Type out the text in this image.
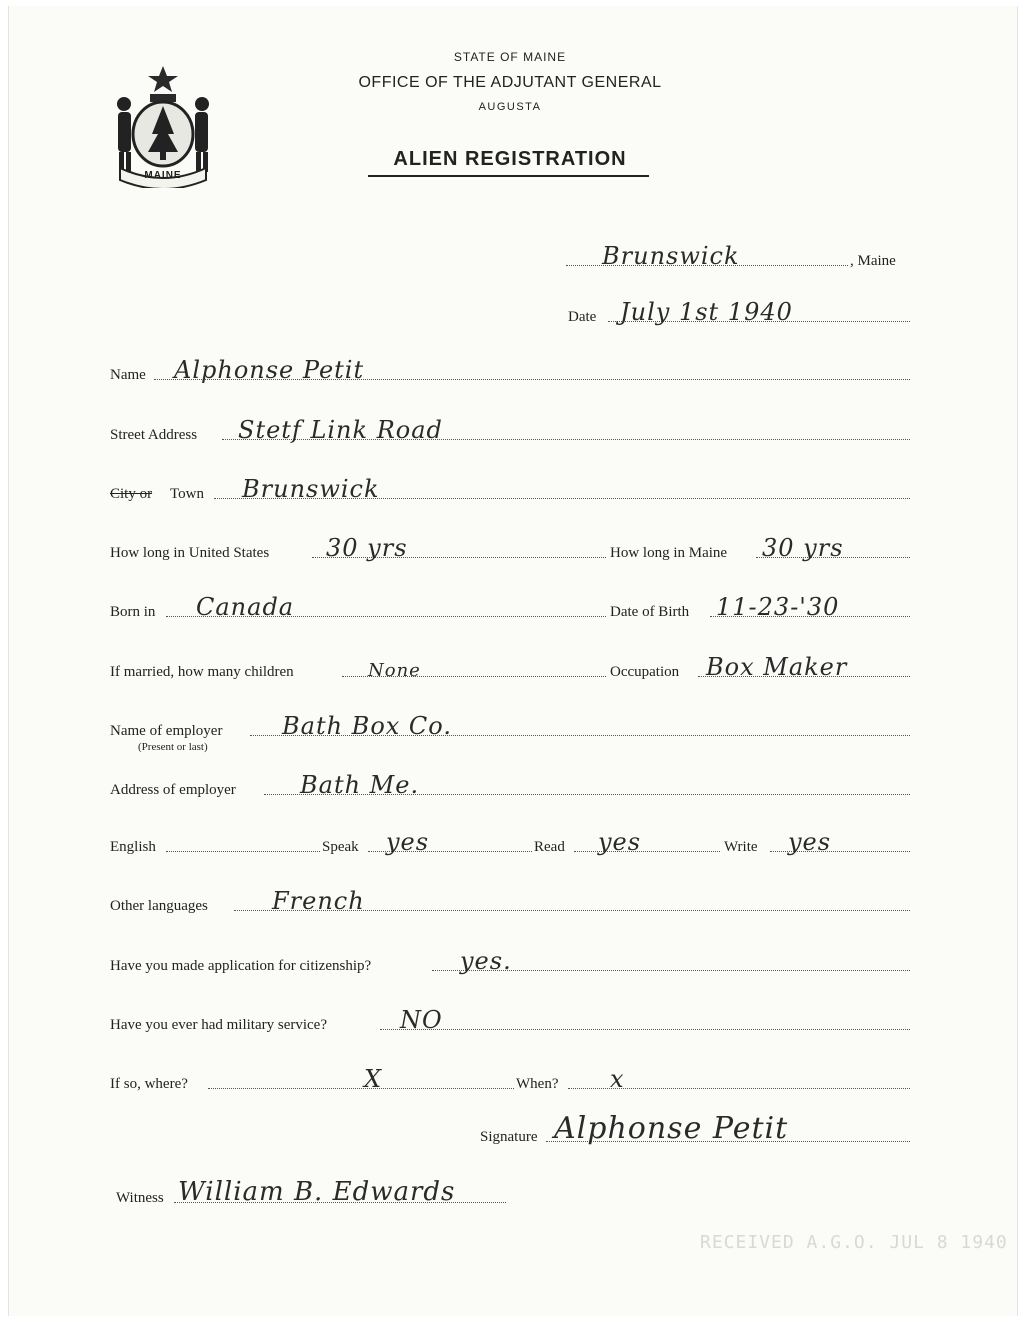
MAINE
STATE OF MAINE
OFFICE OF THE ADJUTANT GENERAL
AUGUSTA
ALIEN REGISTRATION
Brunswick	, Maine
Date July 1st 1940
Name Alphonse Petit
Street Address Stetf Link Road
City or Town Brunswick
How long in United States 30 yrs	How long in Maine 30 yrs
Born in Canada	Date of Birth 11-23-'30
If married, how many children	None	Occupation Box Maker
Name of employer Bath Box Co.
(Present or last)
Address of employer	Bath Me.
English	Speak yes	Read yes	Write yes
Other languages	French
Have you made application for citizenship?	yes.
Have you ever had military service?	NO
If so, where?	X	When? x
Signature Alphonse Petit
Witness William B. Edwards
RECEIVED A.G.O. JUL 8 1940
